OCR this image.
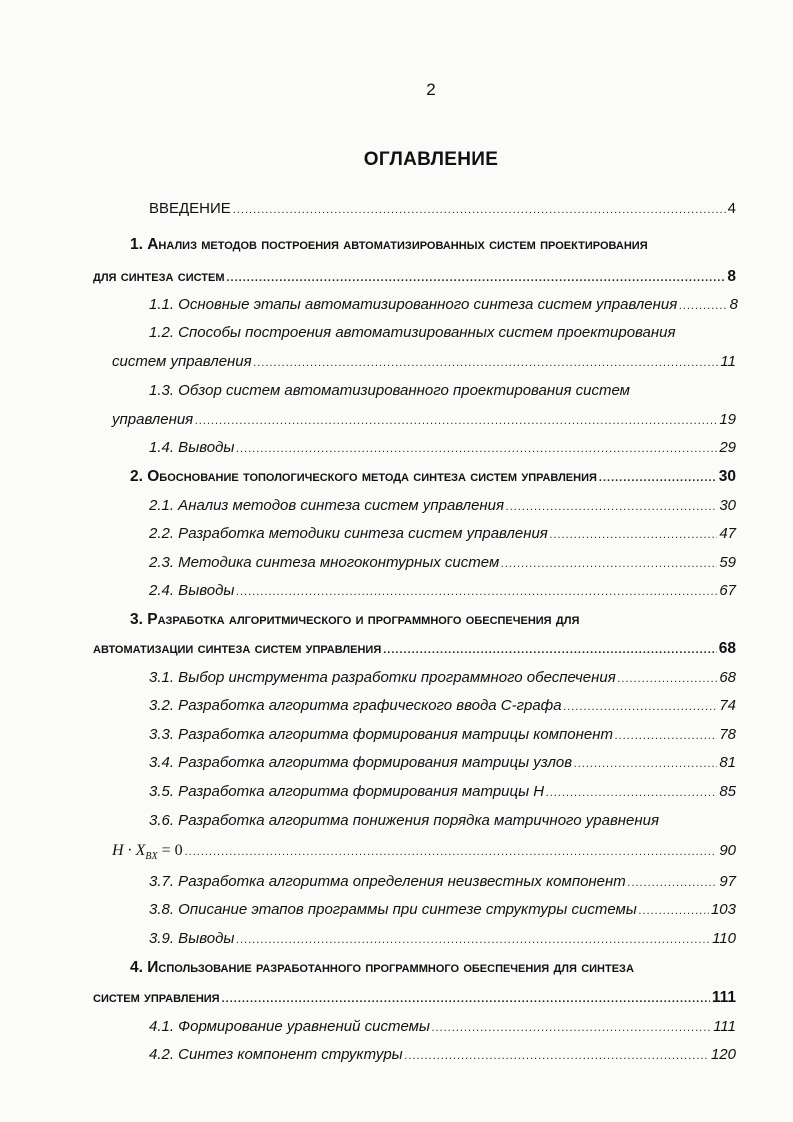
2
ОГЛАВЛЕНИЕ
ВВЕДЕНИЕ .....	4
1. Анализ методов построения автоматизированных систем проектирования
для синтеза систем .....	8
1.1. Основные этапы автоматизированного синтеза систем управления .....	8
1.2. Способы построения автоматизированных систем проектирования
систем управления .....	11
1.3. Обзор систем автоматизированного проектирования систем
управления .....	19
1.4. Выводы .....	29
2. Обоснование топологического метода синтеза систем управления .....	30
2.1. Анализ методов синтеза систем управления .....	30
2.2. Разработка методики синтеза систем управления .....	47
2.3. Методика синтеза многоконтурных систем .....	59
2.4. Выводы .....	67
3. Разработка алгоритмического и программного обеспечения для
автоматизации синтеза систем управления .....	68
3.1. Выбор инструмента разработки программного обеспечения .....	68
3.2. Разработка алгоритма графического ввода С-графа .....	74
3.3. Разработка алгоритма формирования матрицы компонент .....	78
3.4. Разработка алгоритма формирования матрицы узлов .....	81
3.5. Разработка алгоритма формирования матрицы H .....	85
3.6. Разработка алгоритма понижения порядка матричного уравнения
$H \cdot X_{BX} = 0$ .....	90
3.7. Разработка алгоритма определения неизвестных компонент .....	97
3.8. Описание этапов программы при синтезе структуры системы .....	103
3.9. Выводы .....	110
4. Использование разработанного программного обеспечения для синтеза
систем управления .....	111
4.1. Формирование уравнений системы .....	111
4.2. Синтез компонент структуры .....	120
